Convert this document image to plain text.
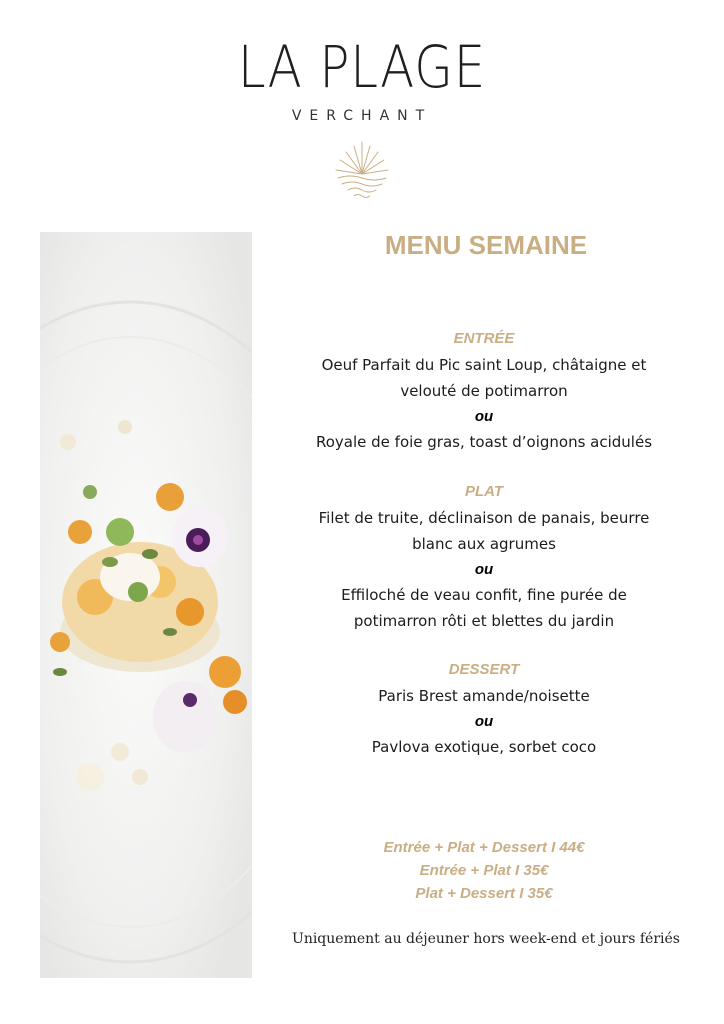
LA PLAGE
VERCHANT
MENU SEMAINE
ENTRÉE
Oeuf Parfait du Pic saint Loup, châtaigne et
velouté de potimarron
ou
Royale de foie gras, toast d’oignons acidulés
PLAT
Filet de truite, déclinaison de panais, beurre
blanc aux agrumes
ou
Effiloché de veau confit, fine purée de
potimarron rôti et blettes du jardin
DESSERT
Paris Brest amande/noisette
ou
Pavlova exotique, sorbet coco
Entrée + Plat + Dessert I 44€
Entrée + Plat I 35€
Plat + Dessert I 35€
Uniquement au déjeuner hors week-end et jours fériés
